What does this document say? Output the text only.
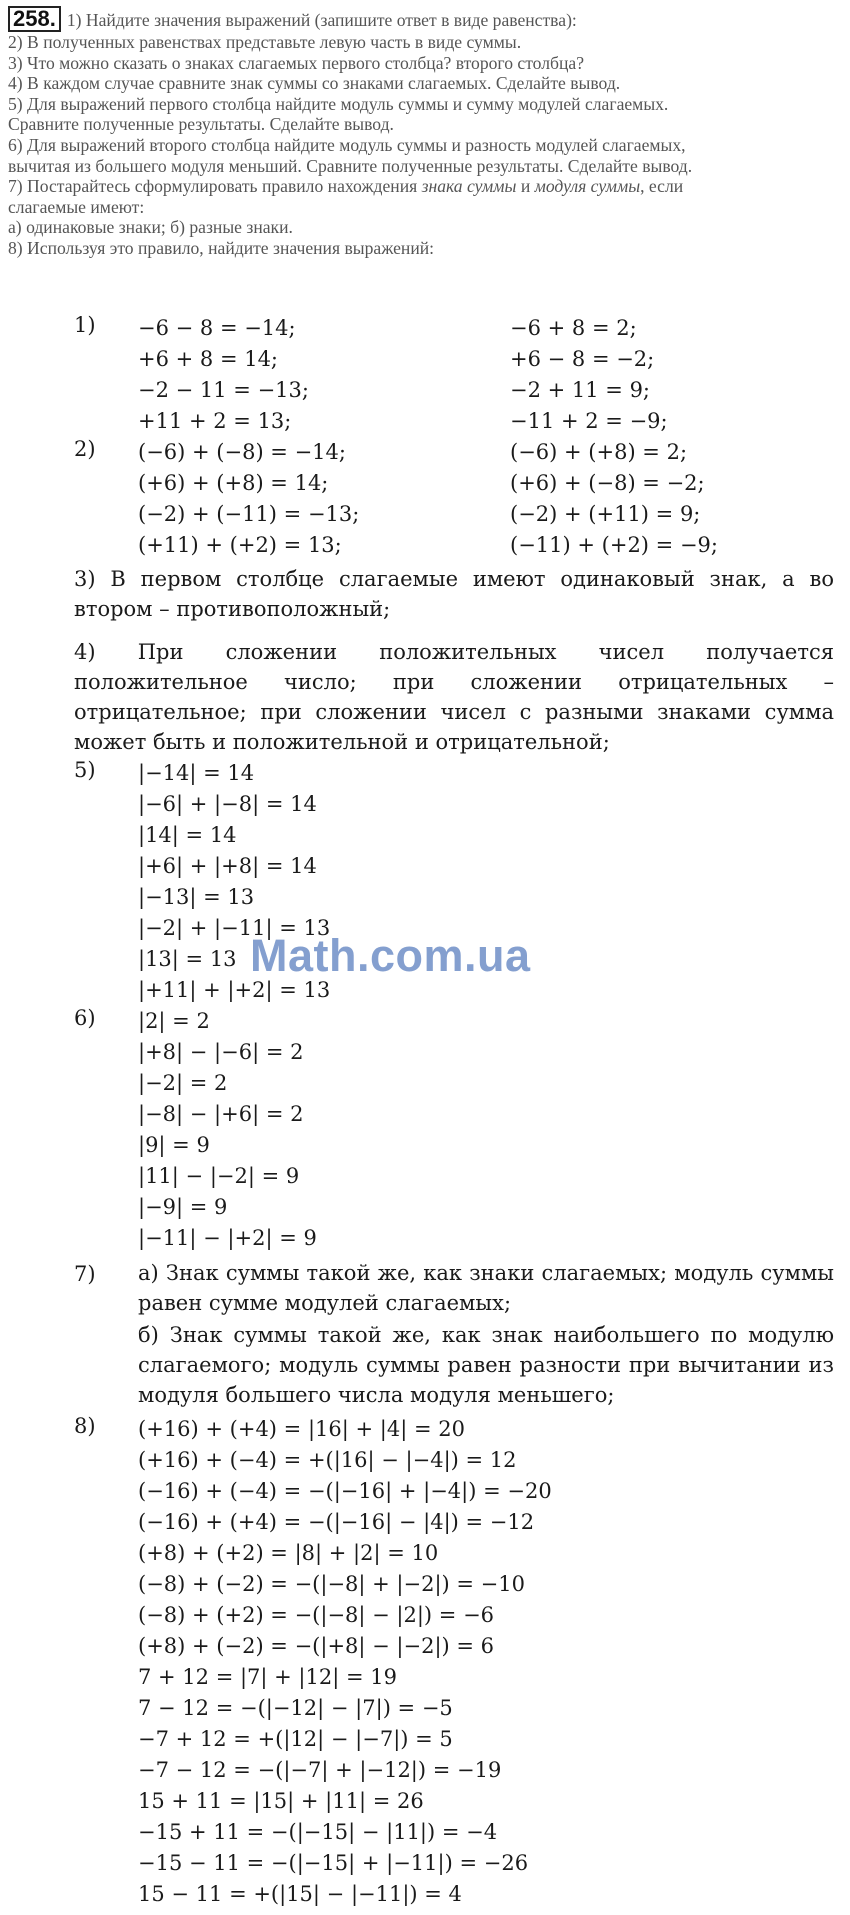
258. 1) Найдите значения выражений (запишите ответ в виде равенства):
2) В полученных равенствах представьте левую часть в виде суммы.
3) Что можно сказать о знаках слагаемых первого столбца? второго столбца?
4) В каждом случае сравните знак суммы со знаками слагаемых. Сделайте вывод.
5) Для выражений первого столбца найдите модуль суммы и сумму модулей слагаемых.
Сравните полученные результаты. Сделайте вывод.
6) Для выражений второго столбца найдите модуль суммы и разность модулей слагаемых,
вычитая из большего модуля меньший. Сравните полученные результаты. Сделайте вывод.
7) Постарайтесь сформулировать правило нахождения знака суммы и модуля суммы, если
слагаемые имеют:
а) одинаковые знаки; б) разные знаки.
8) Используя это правило, найдите значения выражений:
1) −6 − 8 = −14;
+6 + 8 = 14;
−2 − 11 = −13;
+11 + 2 = 13;
−6 + 8 = 2;
+6 − 8 = −2;
−2 + 11 = 9;
−11 + 2 = −9;
2) (−6) + (−8) = −14;
(+6) + (+8) = 14;
(−2) + (−11) = −13;
(+11) + (+2) = 13;
(−6) + (+8) = 2;
(+6) + (−8) = −2;
(−2) + (+11) = 9;
(−11) + (+2) = −9;
3) В первом столбце слагаемые имеют одинаковый знак, а во втором – противоположный;
4) При сложении положительных чисел получается положительное число; при сложении отрицательных – отрицательное; при сложении чисел с разными знаками сумма может быть и положительной и отрицательной;
5) |−14| = 14
|−6| + |−8| = 14
|14| = 14
|+6| + |+8| = 14
|−13| = 13
|−2| + |−11| = 13
|13| = 13
|+11| + |+2| = 13
6) |2| = 2
|+8| − |−6| = 2
|−2| = 2
|−8| − |+6| = 2
|9| = 9
|11| − |−2| = 9
|−9| = 9
|−11| − |+2| = 9
7) а) Знак суммы такой же, как знаки слагаемых; модуль суммы равен сумме модулей слагаемых;
б) Знак суммы такой же, как знак наибольшего по модулю слагаемого; модуль суммы равен разности при вычитании из модуля большего числа модуля меньшего;
8) (+16) + (+4) = |16| + |4| = 20
(+16) + (−4) = +(|16| − |−4|) = 12
(−16) + (−4) = −(|−16| + |−4|) = −20
(−16) + (+4) = −(|−16| − |4|) = −12
(+8) + (+2) = |8| + |2| = 10
(−8) + (−2) = −(|−8| + |−2|) = −10
(−8) + (+2) = −(|−8| − |2|) = −6
(+8) + (−2) = −(|+8| − |−2|) = 6
7 + 12 = |7| + |12| = 19
7 − 12 = −(|−12| − |7|) = −5
−7 + 12 = +(|12| − |−7|) = 5
−7 − 12 = −(|−7| + |−12|) = −19
15 + 11 = |15| + |11| = 26
−15 + 11 = −(|−15| − |11|) = −4
−15 − 11 = −(|−15| + |−11|) = −26
15 − 11 = +(|15| − |−11|) = 4
Math.com.ua
